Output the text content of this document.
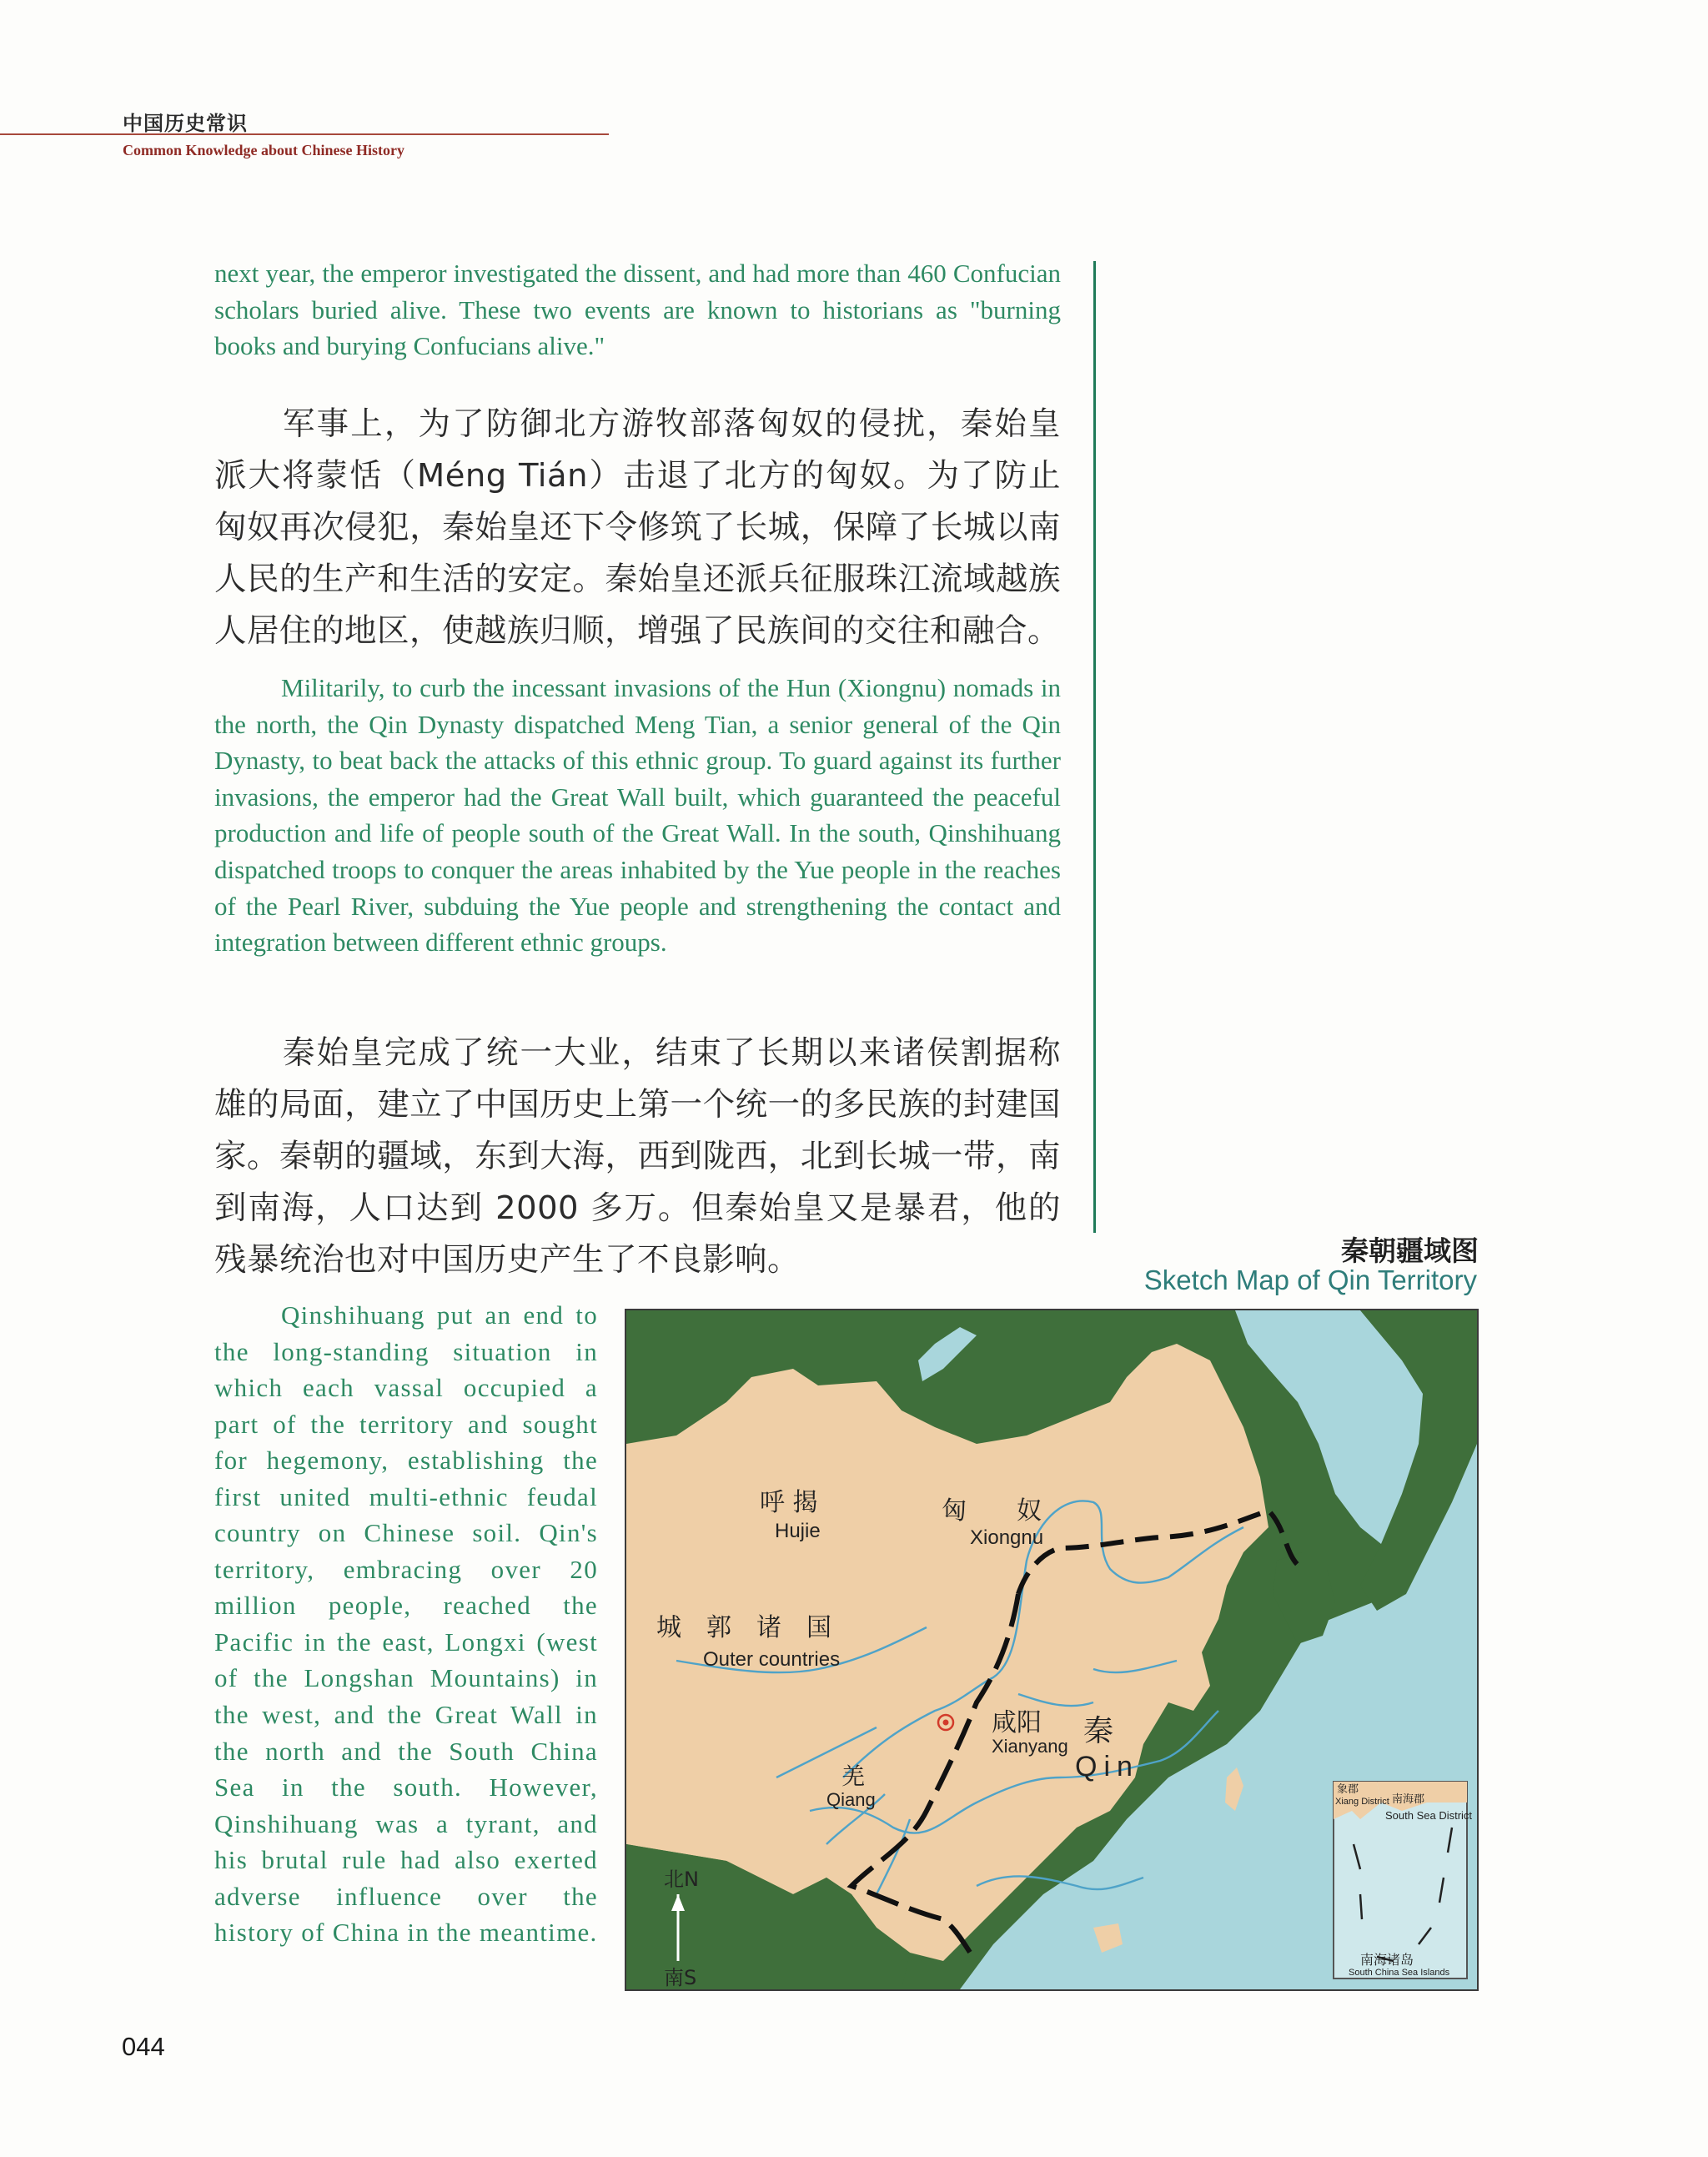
中国历史常识
Common Knowledge about Chinese History

next year, the emperor investigated the dissent, and had more than 460 Confucian scholars buried alive. These two events are known to historians as "burning books and burying Confucians alive."

军事上，为了防御北方游牧部落匈奴的侵扰，秦始皇派大将蒙恬（Méng Tián）击退了北方的匈奴。为了防止匈奴再次侵犯，秦始皇还下令修筑了长城，保障了长城以南人民的生产和生活的安定。秦始皇还派兵征服珠江流域越族人居住的地区，使越族归顺，增强了民族间的交往和融合。

Militarily, to curb the incessant invasions of the Hun (Xiongnu) nomads in the north, the Qin Dynasty dispatched Meng Tian, a senior general of the Qin Dynasty, to beat back the attacks of this ethnic group. To guard against its further invasions, the emperor had the Great Wall built, which guaranteed the peaceful production and life of people south of the Great Wall. In the south, Qinshihuang dispatched troops to conquer the areas inhabited by the Yue people in the reaches of the Pearl River, subduing the Yue people and strengthening the contact and integration between different ethnic groups.

秦始皇完成了统一大业，结束了长期以来诸侯割据称雄的局面，建立了中国历史上第一个统一的多民族的封建国家。秦朝的疆域，东到大海，西到陇西，北到长城一带，南到南海，人口达到 2000 多万。但秦始皇又是暴君，他的残暴统治也对中国历史产生了不良影响。

Qinshihuang put an end to the long-standing situation in which each vassal occupied a part of the territory and sought for hegemony, establishing the first united multi-ethnic feudal country on Chinese soil. Qin's territory, embracing over 20 million people, reached the Pacific in the east, Longxi (west of the Longshan Mountains) in the west, and the Great Wall in the north and the South China Sea in the south. However, Qinshihuang was a tyrant, and his brutal rule had also exerted adverse influence over the history of China in the meantime.

秦朝疆域图
Sketch Map of Qin Territory
呼 揭
Hujie
匈　　奴
Xiongnu
城　郭　诸　国
Outer countries
咸阳
Xianyang 秦
Qin
羌
Qiang
北N
南S
象郡
Xiang District 南海郡
South Sea District
南海诸岛
South China Sea Islands
044
